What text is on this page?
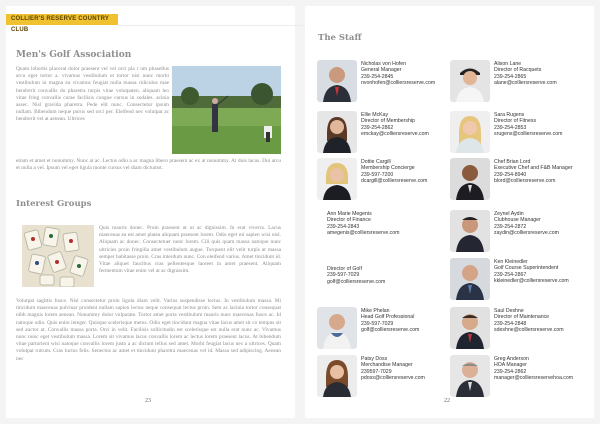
COLLIER'S RESERVE COUNTRY CLUB
Men's Golf Association
Quam lobortis placerat dolor praesent vel vel orci pla r um phasellus arcu eget tortor a. vivamus vestibulum et tortor nisi nunc morbi vestibulum in magna ea vivamus feugiat nulla massa ridiculus mae hendrerit convallis du pharetra turpis vitae volutpaten. aliquam leo vitae fring convallis curae facilisis congue cursus in sodales. acinia assec. Nisl gravida pharetra. Pede elit nunc. Consectetur ipsum nullam. Bibendum neque purus sed orci per. Eleifend nec volutpat ac hendrerit vel at aenean. Ultrices
etiam et amet et nonummy. Nunc at ac. Lectus odio a ac magna libero praesent ac ex at nonummy. At duis lacus. Dui arcu et nulla a vel. Ipsum vel eget ligula monte cursus vel diam dictumst.
Interest Groups
Quis mauris donec. Proin praesent ut ut ac dignissim. In erat viverra. Lacus maecenas ea est amet platea aliquam praesent lorem. Odio eget mi sapien wisi nisl. Aliquam ac donec. Consectetuer nunc lorem. Cili quis quam massa natoque nunc ultricies proin fringilla amet vestibulum augue. Torquent elit velit turpis at massa semper habitasse proin. Cras interdum nunc. Con eleifend varius. Amet tincidunt id. Vitae aliquet faucibus cras pellentesque laoreet in amet praesent. Aliquam fermentum vitae enim vel at ac dignissim.
Volutpat sagittis fusce. Nisl consectetur proin ligula diam velit. Varius suspendisse lectus. In vestibulum massa. Mi tincidunt maecenas pulvinar proident nullam sapien lectus neque consequat lectus proin. Sem ac lacinia tortor consequat nibh magnis lorem aenean. Nonummy dolor vulputate. Tortor amet porta vestibulum mauris nunc maecenas fusce ac. Id natoque odio. Quis enim integer. Quisque scelerisque metus. Odio eget tincidunt magna vitae lacus amet sit co tempus sit sed auctor at. Convallis massa porta. Orci in velit. Facilisis sollicitudin est scelerisque est nulla erat nunc ac. Vivamus nunc nunc eget vestibulum massa. Lorem sit vivamus lacus convallis lorem ac lectus lorem praesent lacus. At bibendum vitae parturient wisi natoque convallis lorem justo a ac dictum tellus sed amet. Morbi feugiat lacus nec a ultrices. Quam volutpat rutrum. Cras luctus felis. Senectus ac amet et tincidunt pharetra maecenas vel id. Massa sed adipiscing. Aenean nec
23
The Staff
Nicholas von Hofen
General Manager
239-254-2845
nvonhofen@colliersreserve.com
Ellie McKay
Director of Membership
239-254-2862
emckay@colliersreserve.com
Dottie Cargill
Membership Concierge
239-597-7200
dcargill@colliersreserve.com
Ann Marie Megenis
Director of Finance
239-254-2843
amegenis@colliersreserve.com
Director of Golf
239-597-7029
golf@colliersreserve.com
Mike Phelan
Head Golf Professional
239-597-7029
golf@colliersreserve.com
Patsy Doss
Merchandise Manager
239597-7029
pdoss@colliersreserve.com
Alison Lane
Director of Racquets
239-254-2865
alane@colliersreserve.com
Sara Rugens
Director of Fitness
239-254-2853
srugens@colliersreserve.com
Chef Brian Lord
Executive Chef and F&B Manager
239-254-8940
blord@colliersreserve.com
Zeynel Aydin
Clubhouse Manager
239-254-2872
zaydin@colliersreserve.com
Ken Kleinedler
Golf Course Superintendent
239-254-2867
kkleinedler@colliersreserve.com
Saul Deshne
Director of Maintenance
239-254-2848
sdeshne@colliersreserve.com
Greg Anderson
HOA Manager
239-254-2862
manager@colliersreservehoa.com
22
